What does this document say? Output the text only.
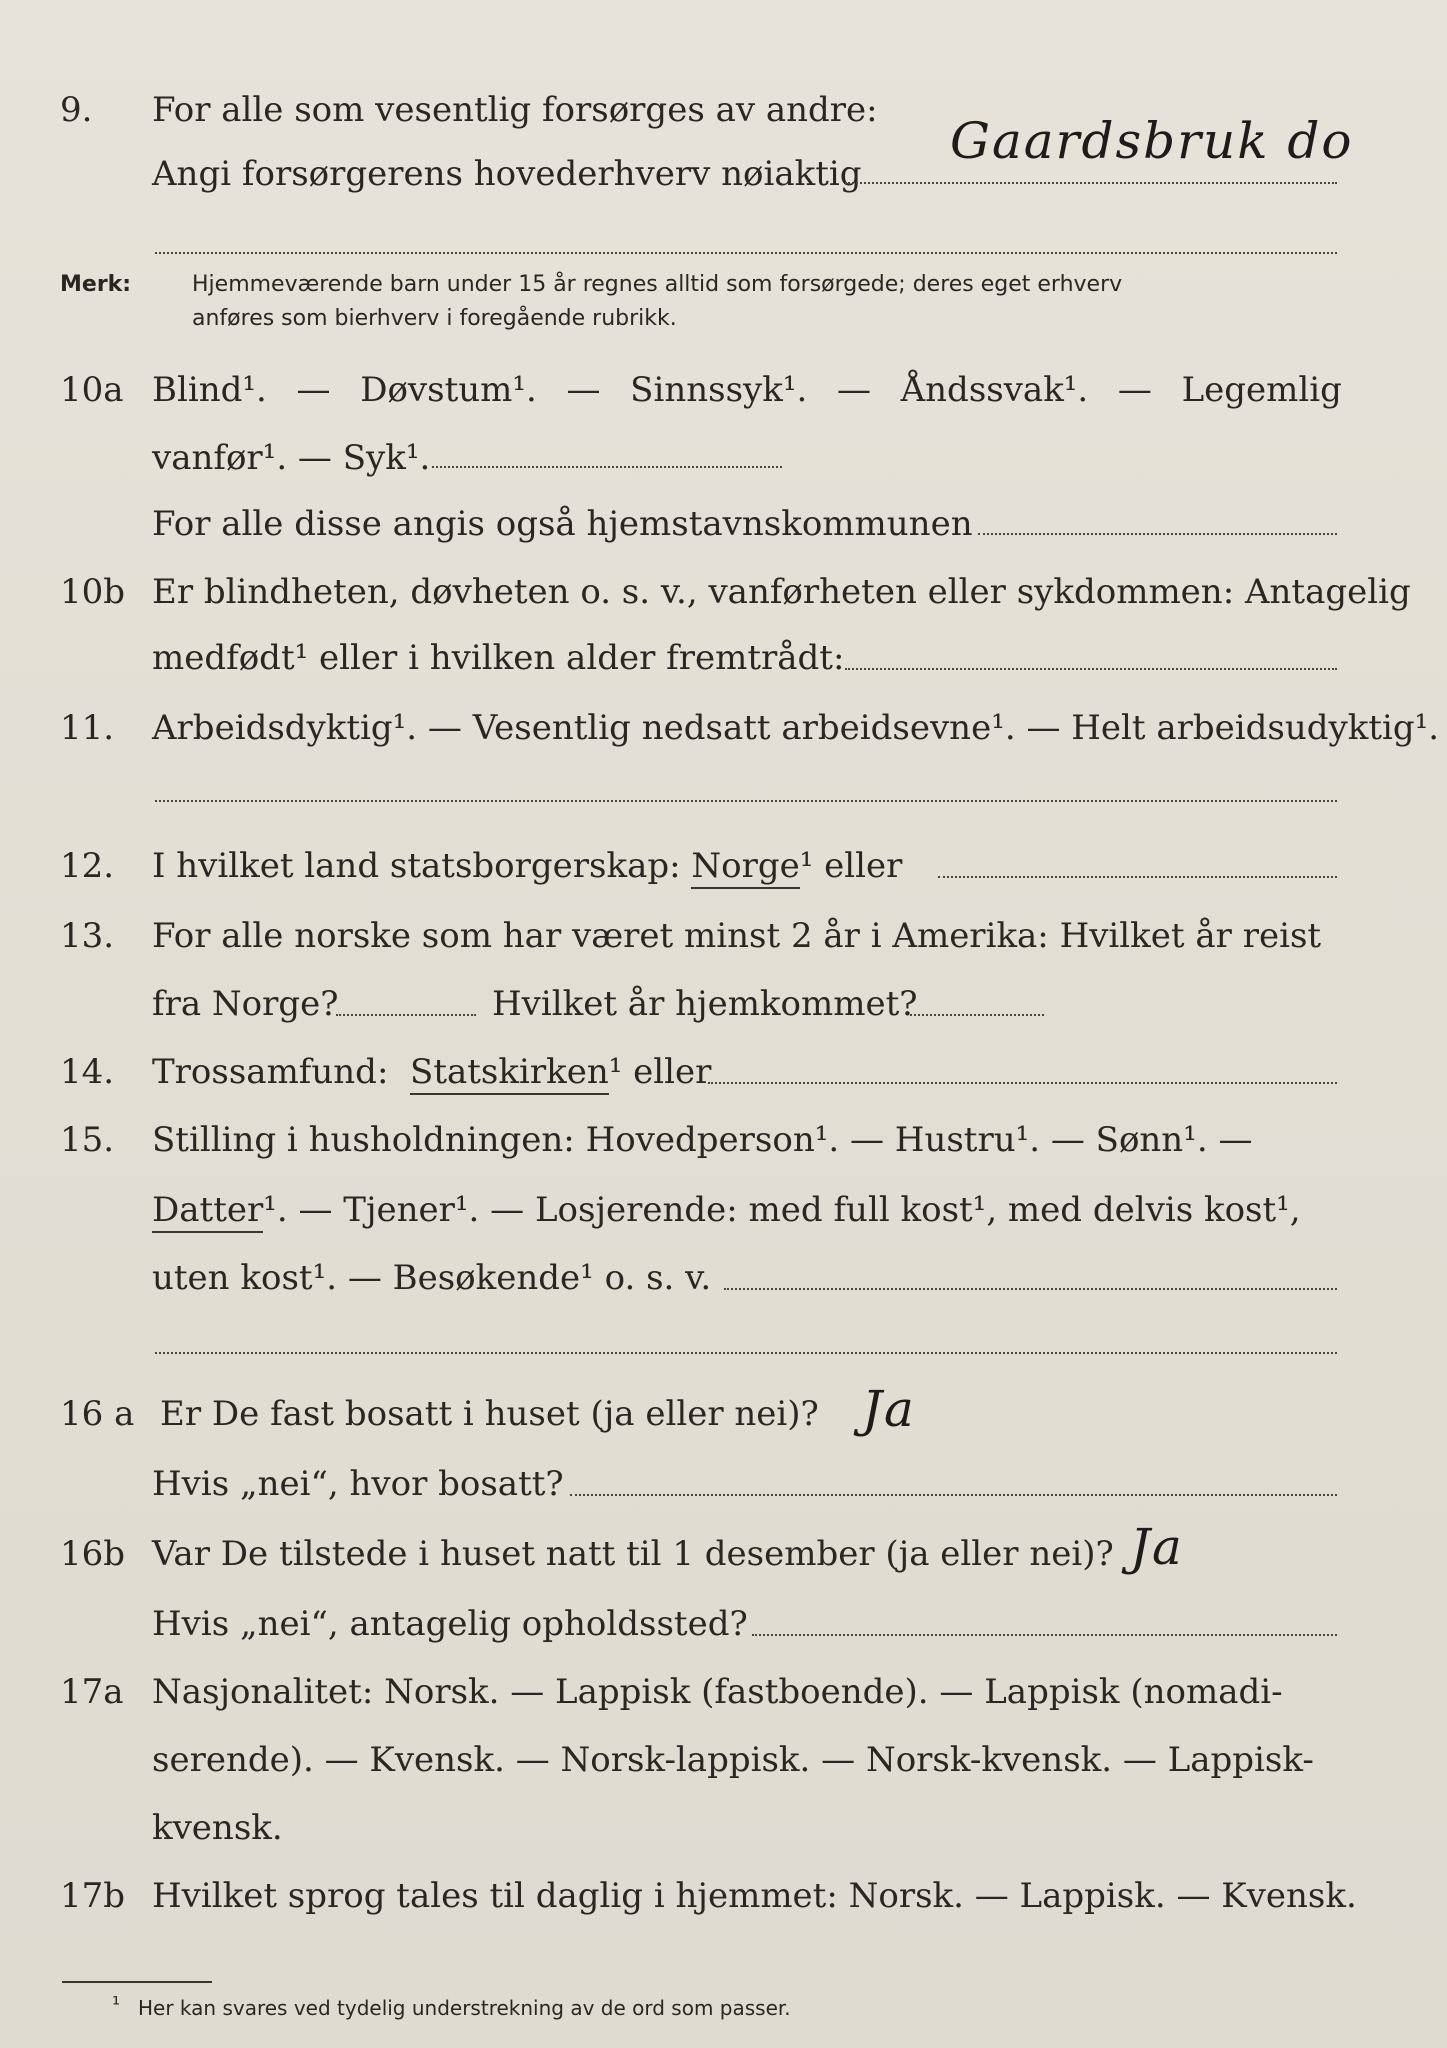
9. For alle som vesentlig forsørges av andre:
Angi forsørgerens hovederhverv nøiaktig
Gaardsbruk do
Merk:	Hjemmeværende barn under 15 år regnes alltid som forsørgede; deres eget erhverv
anføres som bierhverv i foregående rubrikk.
10a Blind¹. — Døvstum¹. — Sinnssyk¹. — Åndssvak¹. — Legemlig
vanfør¹. — Syk¹.
For alle disse angis også hjemstavnskommunen
10b Er blindheten, døvheten o. s. v., vanførheten eller sykdommen: Antagelig
medfødt¹ eller i hvilken alder fremtrådt:
11. Arbeidsdyktig¹. — Vesentlig nedsatt arbeidsevne¹. — Helt arbeidsudyktig¹.
12. I hvilket land statsborgerskap: Norge¹ eller
13. For alle norske som har været minst 2 år i Amerika: Hvilket år reist
fra Norge?	Hvilket år hjemkommet?
14. Trossamfund: Statskirken¹ eller
15. Stilling i husholdningen: Hovedperson¹. — Hustru¹. — Sønn¹. —
Datter¹. — Tjener¹. — Losjerende: med full kost¹, med delvis kost¹,
uten kost¹. — Besøkende¹ o. s. v.
16 a Er De fast bosatt i huset (ja eller nei)? Ja
Hvis „nei“, hvor bosatt?
16b Var De tilstede i huset natt til 1 desember (ja eller nei)? Ja
Hvis „nei“, antagelig opholdssted?
17a Nasjonalitet: Norsk. — Lappisk (fastboende). — Lappisk (nomadi-
serende). — Kvensk. — Norsk-lappisk. — Norsk-kvensk. — Lappisk-
kvensk.
17b Hvilket sprog tales til daglig i hjemmet: Norsk. — Lappisk. — Kvensk.
¹ Her kan svares ved tydelig understrekning av de ord som passer.
